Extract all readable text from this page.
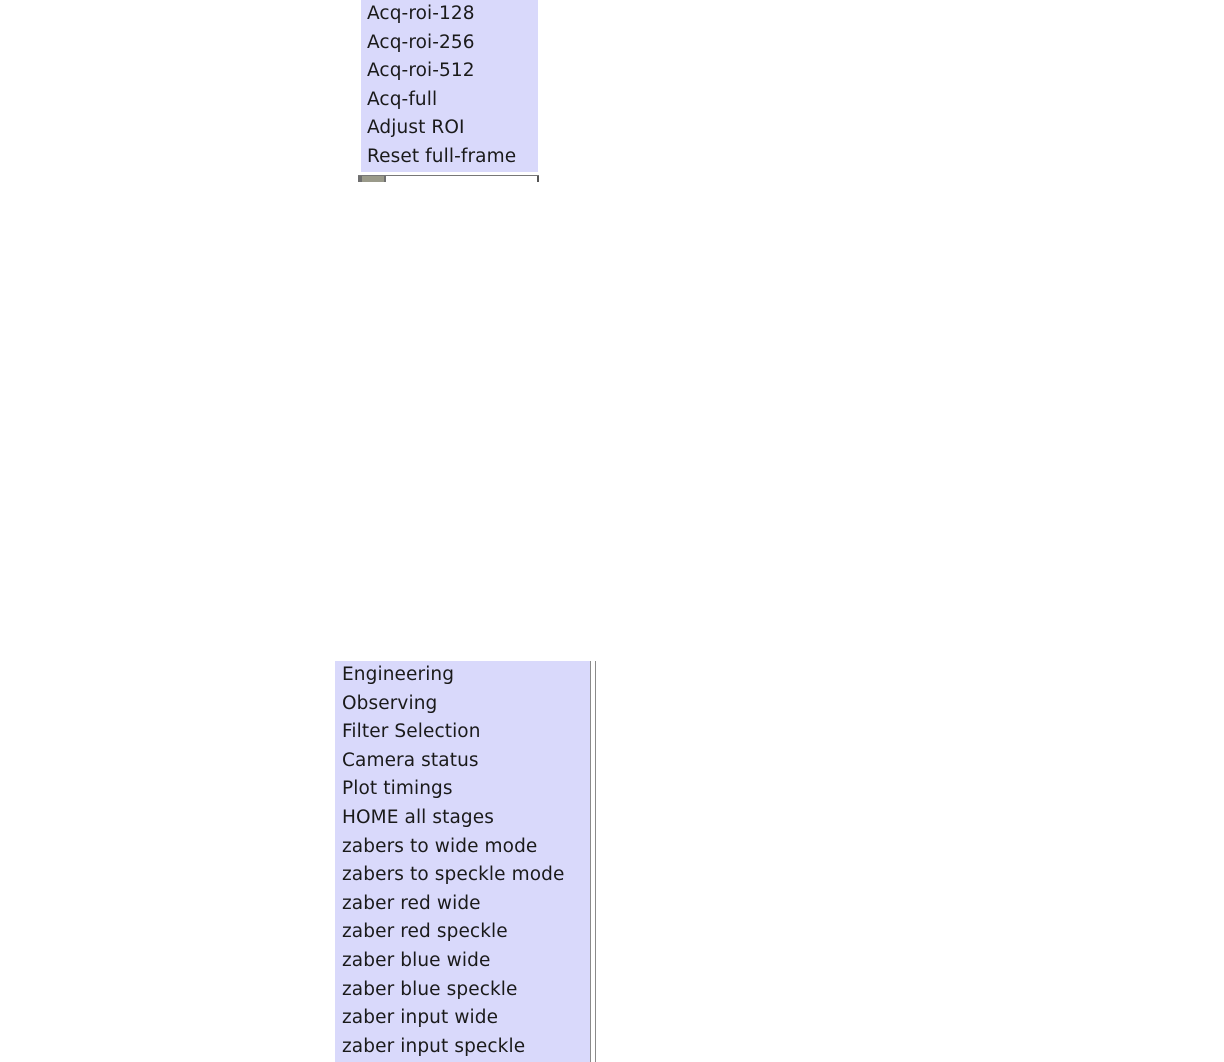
Acq-roi-128
Acq-roi-256
Acq-roi-512
Acq-full
Adjust ROI
Reset full-frame
Engineering
Observing
Filter Selection
Camera status
Plot timings
HOME all stages
zabers to wide mode
zabers to speckle mode
zaber red wide
zaber red speckle
zaber blue wide
zaber blue speckle
zaber input wide
zaber input speckle
